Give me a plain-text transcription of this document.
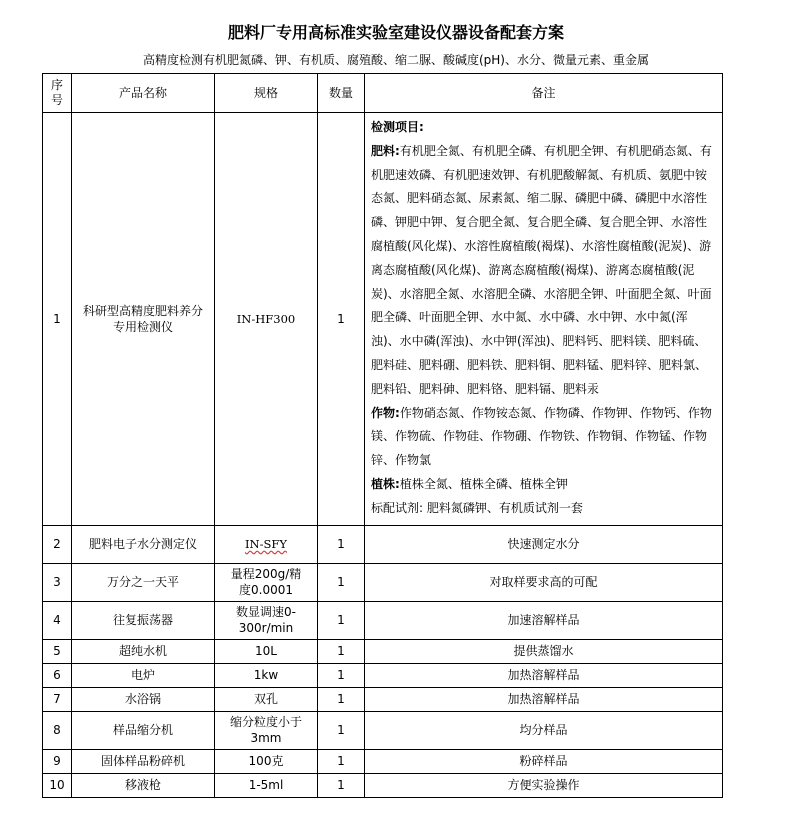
肥料厂专用高标准实验室建设仪器设备配套方案
高精度检测有机肥氮磷、钾、有机质、腐殖酸、缩二脲、酸碱度(pH)、水分、微量元素、重金属
序号	产品名称	规格	数量	备注
1	科研型高精度肥料养分专用检测仪	IN-HF300	1	检测项目:
肥料:有机肥全氮、有机肥全磷、有机肥全钾、有机肥硝态氮、有机肥速效磷、有机肥速效钾、有机肥酸解氮、有机质、氨肥中铵态氮、肥料硝态氮、尿素氮、缩二脲、磷肥中磷、磷肥中水溶性磷、钾肥中钾、复合肥全氮、复合肥全磷、复合肥全钾、水溶性腐植酸(风化煤)、水溶性腐植酸(褐煤)、水溶性腐植酸(泥炭)、游离态腐植酸(风化煤)、游离态腐植酸(褐煤)、游离态腐植酸(泥炭)、水溶肥全氮、水溶肥全磷、水溶肥全钾、叶面肥全氮、叶面肥全磷、叶面肥全钾、水中氮、水中磷、水中钾、水中氮(浑浊)、水中磷(浑浊)、水中钾(浑浊)、肥料钙、肥料镁、肥料硫、肥料硅、肥料硼、肥料铁、肥料铜、肥料锰、肥料锌、肥料氯、肥料铅、肥料砷、肥料铬、肥料镉、肥料汞
作物:作物硝态氮、作物铵态氮、作物磷、作物钾、作物钙、作物镁、作物硫、作物硅、作物硼、作物铁、作物铜、作物锰、作物锌、作物氯
植株:植株全氮、植株全磷、植株全钾
标配试剂: 肥料氮磷钾、有机质试剂一套

2	肥料电子水分测定仪	IN-SFY	1	快速测定水分
3	万分之一天平	量程200g/精度0.0001	1	对取样要求高的可配
4	往复振荡器	数显调速0-300r/min	1	加速溶解样品
5	超纯水机	10L	1	提供蒸馏水
6	电炉	1kw	1	加热溶解样品
7	水浴锅	双孔	1	加热溶解样品
8	样品缩分机	缩分粒度小于3mm	1	均分样品
9	固体样品粉碎机	100克	1	粉碎样品
10	移液枪	1-5ml	1	方便实验操作
